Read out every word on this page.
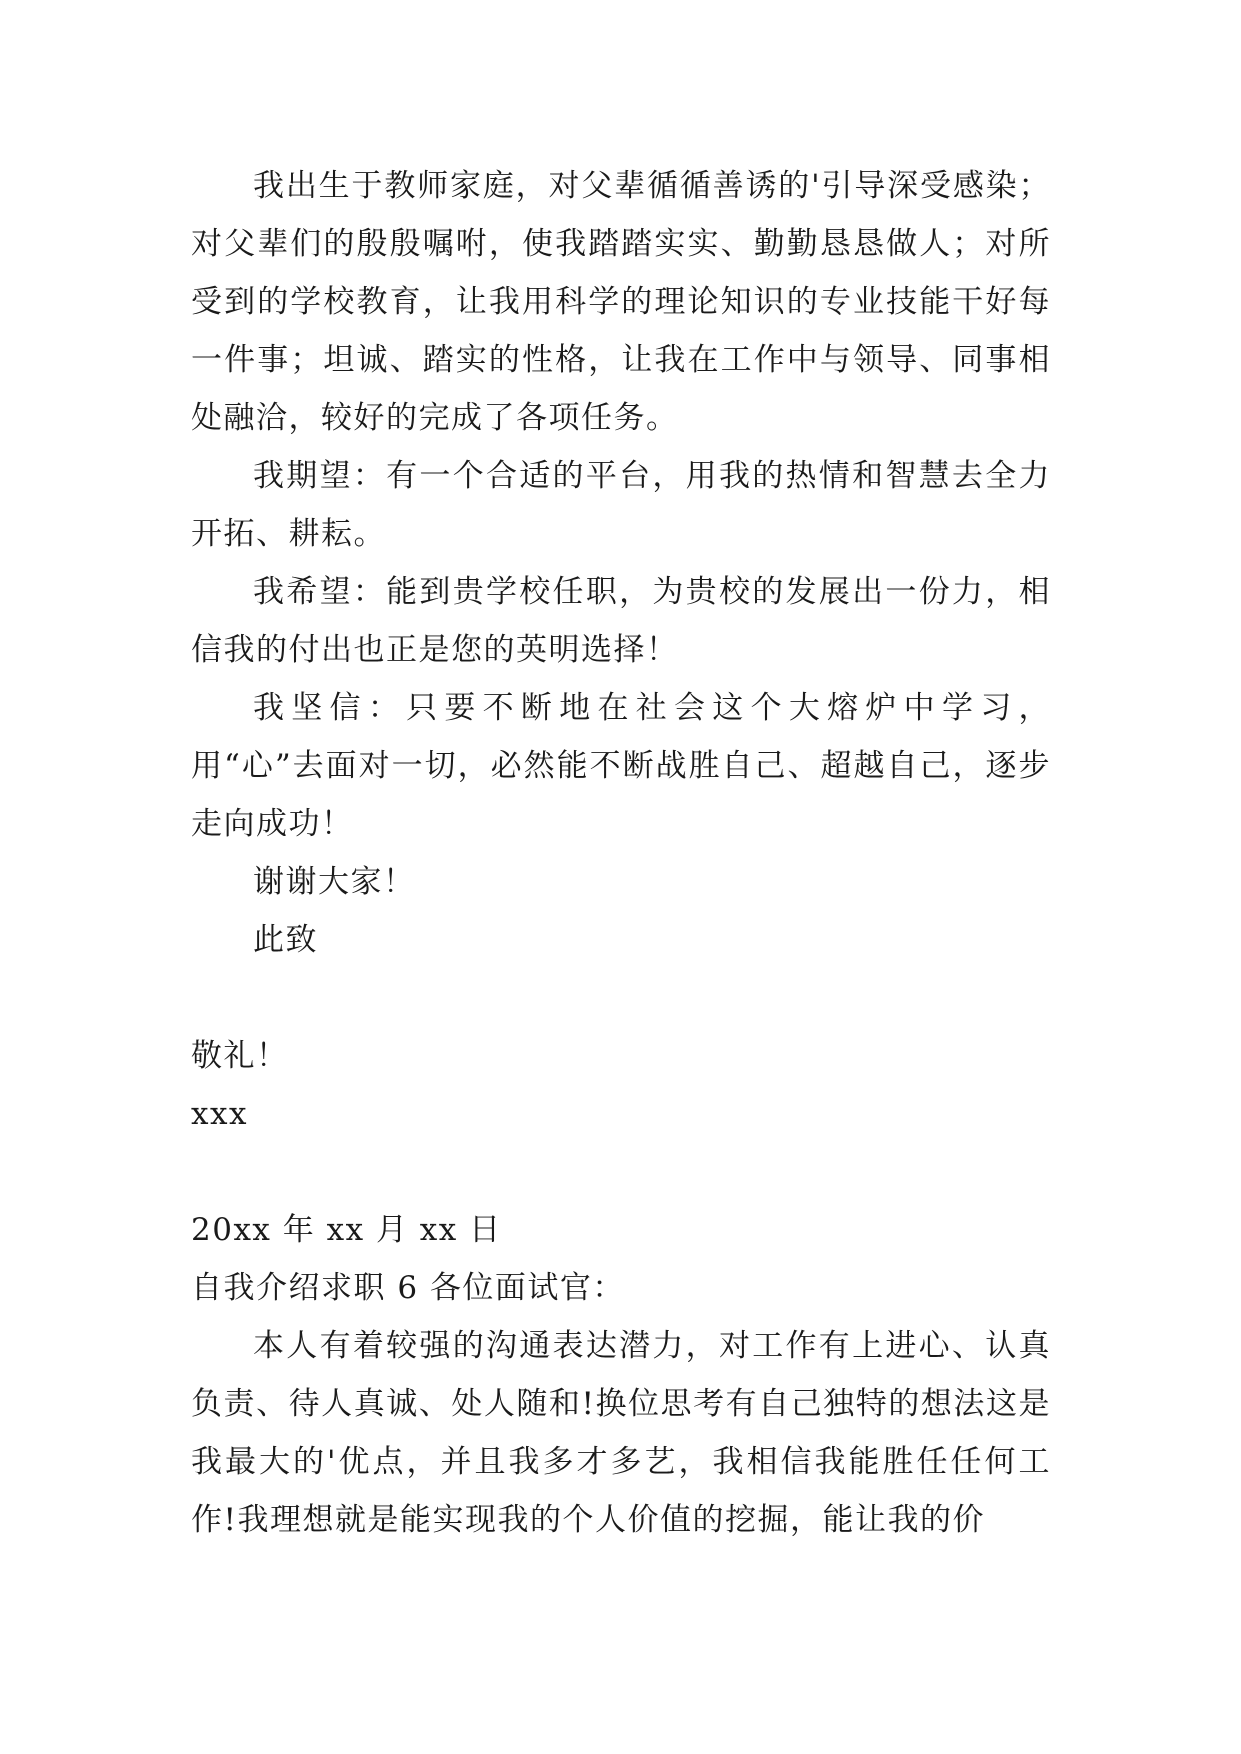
我出生于教师家庭，对父辈循循善诱的'引导深受感染；对父辈们的殷殷嘱咐，使我踏踏实实、勤勤恳恳做人；对所受到的学校教育，让我用科学的理论知识的专业技能干好每一件事；坦诚、踏实的性格，让我在工作中与领导、同事相处融洽，较好的完成了各项任务。

我期望：有一个合适的平台，用我的热情和智慧去全力开拓、耕耘。

我希望：能到贵学校任职，为贵校的发展出一份力，相信我的付出也正是您的英明选择！

我坚信：只要不断地在社会这个大熔炉中学习，用“心”去面对一切，必然能不断战胜自己、超越自己，逐步走向成功！

谢谢大家！

此致

敬礼！

xxx

20xx 年 xx 月 xx 日

自我介绍求职 6 各位面试官：

本人有着较强的沟通表达潜力，对工作有上进心、认真负责、待人真诚、处人随和!换位思考有自己独特的想法这是我最大的'优点，并且我多才多艺，我相信我能胜任任何工作!我理想就是能实现我的个人价值的挖掘，能让我的价
